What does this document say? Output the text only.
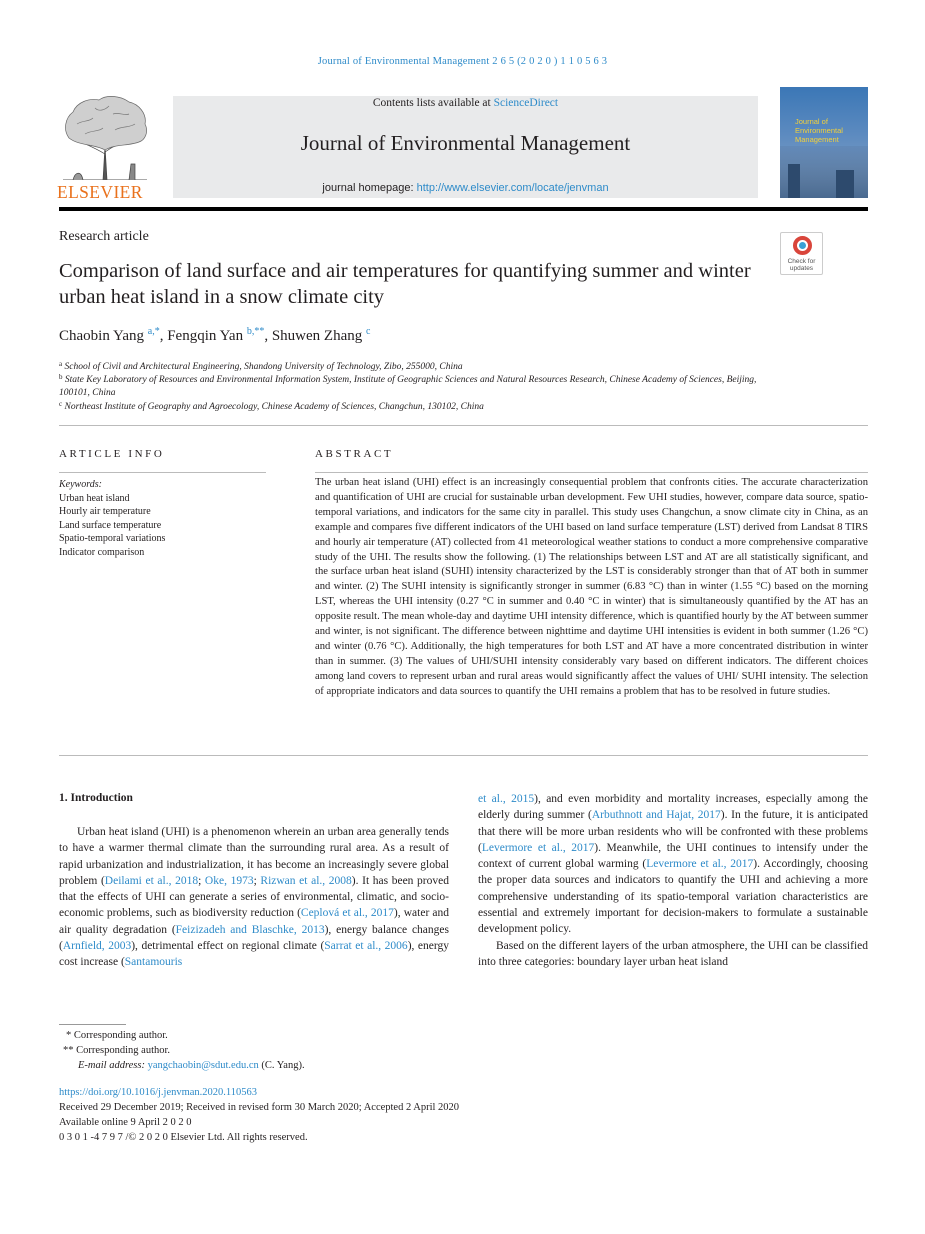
Journal of Environmental Management 2 6 5 (2 0 2 0 ) 1 1 0 5 6 3
ELSEVIER
Contents lists available at ScienceDirect
Journal of Environmental Management
journal homepage: http://www.elsevier.com/locate/jenvman
Journal of
Environmental
Management
Research article
Check for
updates
Comparison of land surface and air temperatures for quantifying summer and winter urban heat island in a snow climate city
Chaobin Yang $^{a,*}$, Fengqin Yan $^{b,**}$, Shuwen Zhang $^c$
$^a$ School of Civil and Architectural Engineering, Shandong University of Technology, Zibo, 255000, China
$^b$ State Key Laboratory of Resources and Environmental Information System, Institute of Geographic Sciences and Natural Resources Research, Chinese Academy of Sciences, Beijing, 100101, China
$^c$ Northeast Institute of Geography and Agroecology, Chinese Academy of Sciences, Changchun, 130102, China
ARTICLE INFO	ABSTRACT
Keywords:
Urban heat island
Hourly air temperature
Land surface temperature
Spatio-temporal variations
Indicator comparison
The urban heat island (UHI) effect is an increasingly consequential problem that confronts cities. The accurate characterization and quantification of UHI are crucial for sustainable urban development. Few UHI studies, however, compare data source, spatio-temporal variations, and indicators for the same city in parallel. This study uses Changchun, a snow climate city in China, as an example and compares five different indicators of the UHI based on land surface temperature (LST) derived from Landsat 8 TIRS and hourly air temperature (AT) collected from 41 meteorological weather stations to conduct a more comprehensive comparative study of the UHI. The results show the following. (1) The relationships between LST and AT are all statistically significant, and the surface urban heat island (SUHI) intensity characterized by the LST is considerably stronger than that of AT both in summer and winter. (2) The SUHI intensity is significantly stronger in summer (6.83 °C) than in winter (1.55 °C) based on the morning LST, whereas the UHI intensity (0.27 °C in summer and 0.40 °C in winter) that is simultaneously quantified by the AT has an opposite result. The mean whole-day and daytime UHI intensity difference, which is quantified hourly by the AT between summer and winter, is not significant. The difference between nighttime and daytime UHI intensities is evident in both summer (1.26 °C) and winter (0.76 °C). Additionally, the high temperatures for both LST and AT have a more concentrated distribution in winter than in summer. (3) The values of UHI/SUHI intensity considerably vary based on different indicators. The different choices among land covers to represent urban and rural areas would significantly affect the values of UHI/ SUHI intensity. The selection of appropriate indicators and data sources to quantify the UHI remains a problem that has to be resolved in future studies.
1. Introduction

Urban heat island (UHI) is a phenomenon wherein an urban area generally tends to have a warmer thermal climate than the surrounding rural area. As a result of rapid urbanization and industrialization, it has become an increasingly severe global problem (Deilami et al., 2018; Oke, 1973; Rizwan et al., 2008). It has been proved that the effects of UHI can generate a series of environmental, climatic, and socio-economic problems, such as biodiversity reduction (Ceplová et al., 2017), water and air quality degradation (Feizizadeh and Blaschke, 2013), energy balance changes (Arnfield, 2003), detrimental effect on regional climate (Sarrat et al., 2006), energy cost increase (Santamouris

et al., 2015), and even morbidity and mortality increases, especially among the elderly during summer (Arbuthnott and Hajat, 2017). In the future, it is anticipated that there will be more urban residents who will be confronted with these problems (Levermore et al., 2017). Meanwhile, the UHI continues to intensify under the context of current global warming (Levermore et al., 2017). Accordingly, choosing the proper data sources and indicators to quantify the UHI and achieving a more comprehensive understanding of its spatio-temporal variation characteristics are essential and extremely important for decision-makers to formulate a sustainable development policy.

Based on the different layers of the urban atmosphere, the UHI can be classified into three categories: boundary layer urban heat island

* Corresponding author.
** Corresponding author.
E-mail address: yangchaobin@sdut.edu.cn (C. Yang).
https://doi.org/10.1016/j.jenvman.2020.110563
Received 29 December 2019; Received in revised form 30 March 2020; Accepted 2 April 2020
Available online 9 April 2 0 2 0
0 3 0 1 -4 7 9 7 /© 2 0 2 0 Elsevier Ltd. All rights reserved.
